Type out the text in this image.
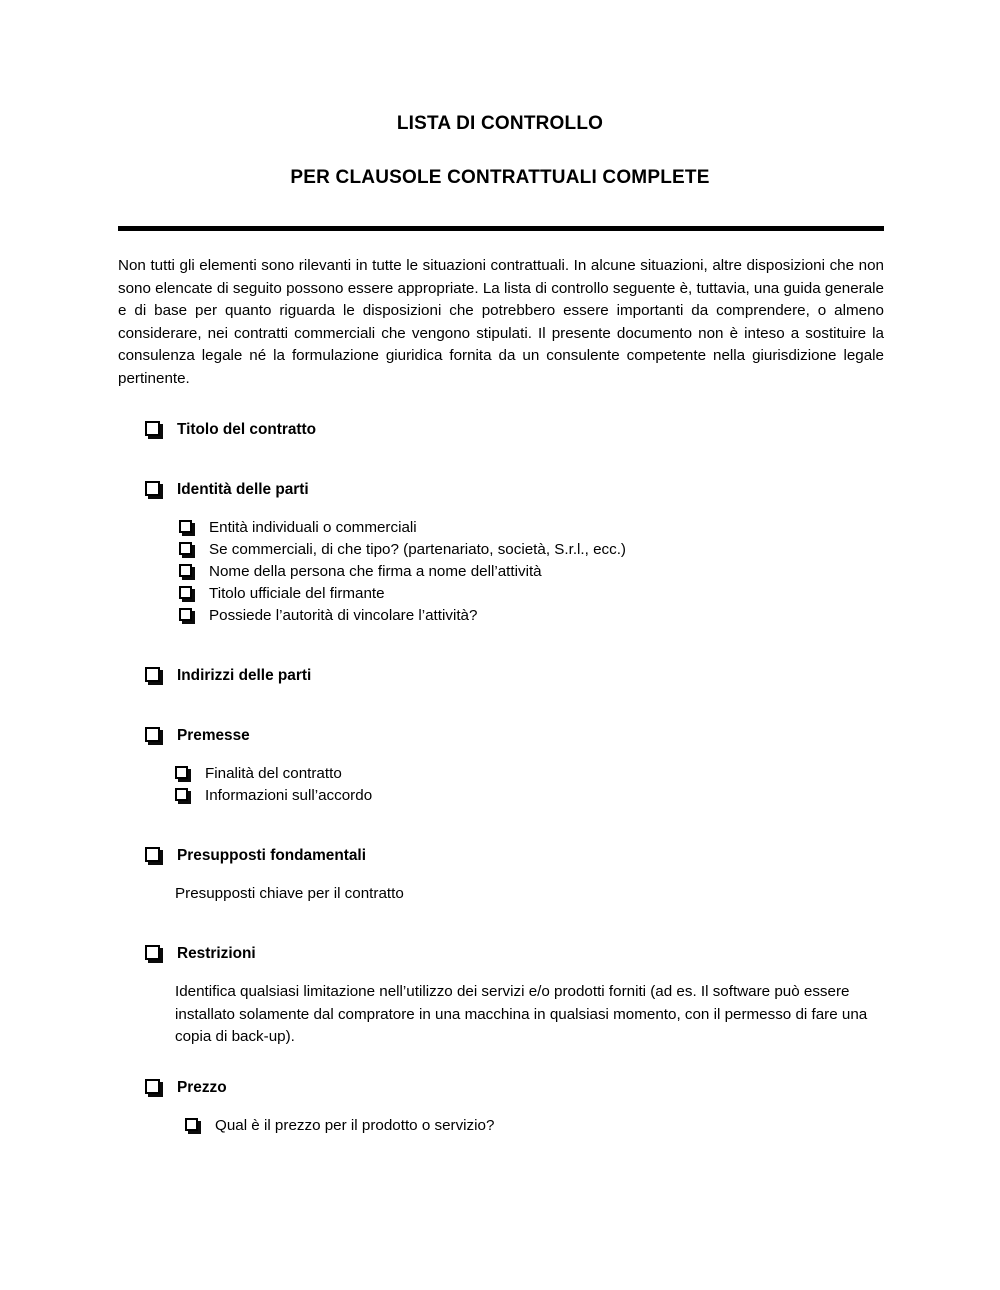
LISTA DI CONTROLLO
PER CLAUSOLE CONTRATTUALI COMPLETE

Non tutti gli elementi sono rilevanti in tutte le situazioni contrattuali. In alcune situazioni, altre disposizioni che non sono elencate di seguito possono essere appropriate. La lista di controllo seguente è, tuttavia, una guida generale e di base per quanto riguarda le disposizioni che potrebbero essere importanti da comprendere, o almeno considerare, nei contratti commerciali che vengono stipulati. Il presente documento non è inteso a sostituire la consulenza legale né la formulazione giuridica fornita da un consulente competente nella giurisdizione legale pertinente.

Titolo del contratto
Identità delle parti
Entità individuali o commerciali
Se commerciali, di che tipo? (partenariato, società, S.r.l., ecc.)
Nome della persona che firma a nome dell’attività
Titolo ufficiale del firmante
Possiede l’autorità di vincolare l’attività?
Indirizzi delle parti
Premesse
Finalità del contratto
Informazioni sull’accordo
Presupposti fondamentali

Presupposti chiave per il contratto

Restrizioni

Identifica qualsiasi limitazione nell’utilizzo dei servizi e/o prodotti forniti (ad es. Il software può essere installato solamente dal compratore in una macchina in qualsiasi momento, con il permesso di fare una copia di back-up).

Prezzo
Qual è il prezzo per il prodotto o servizio?
